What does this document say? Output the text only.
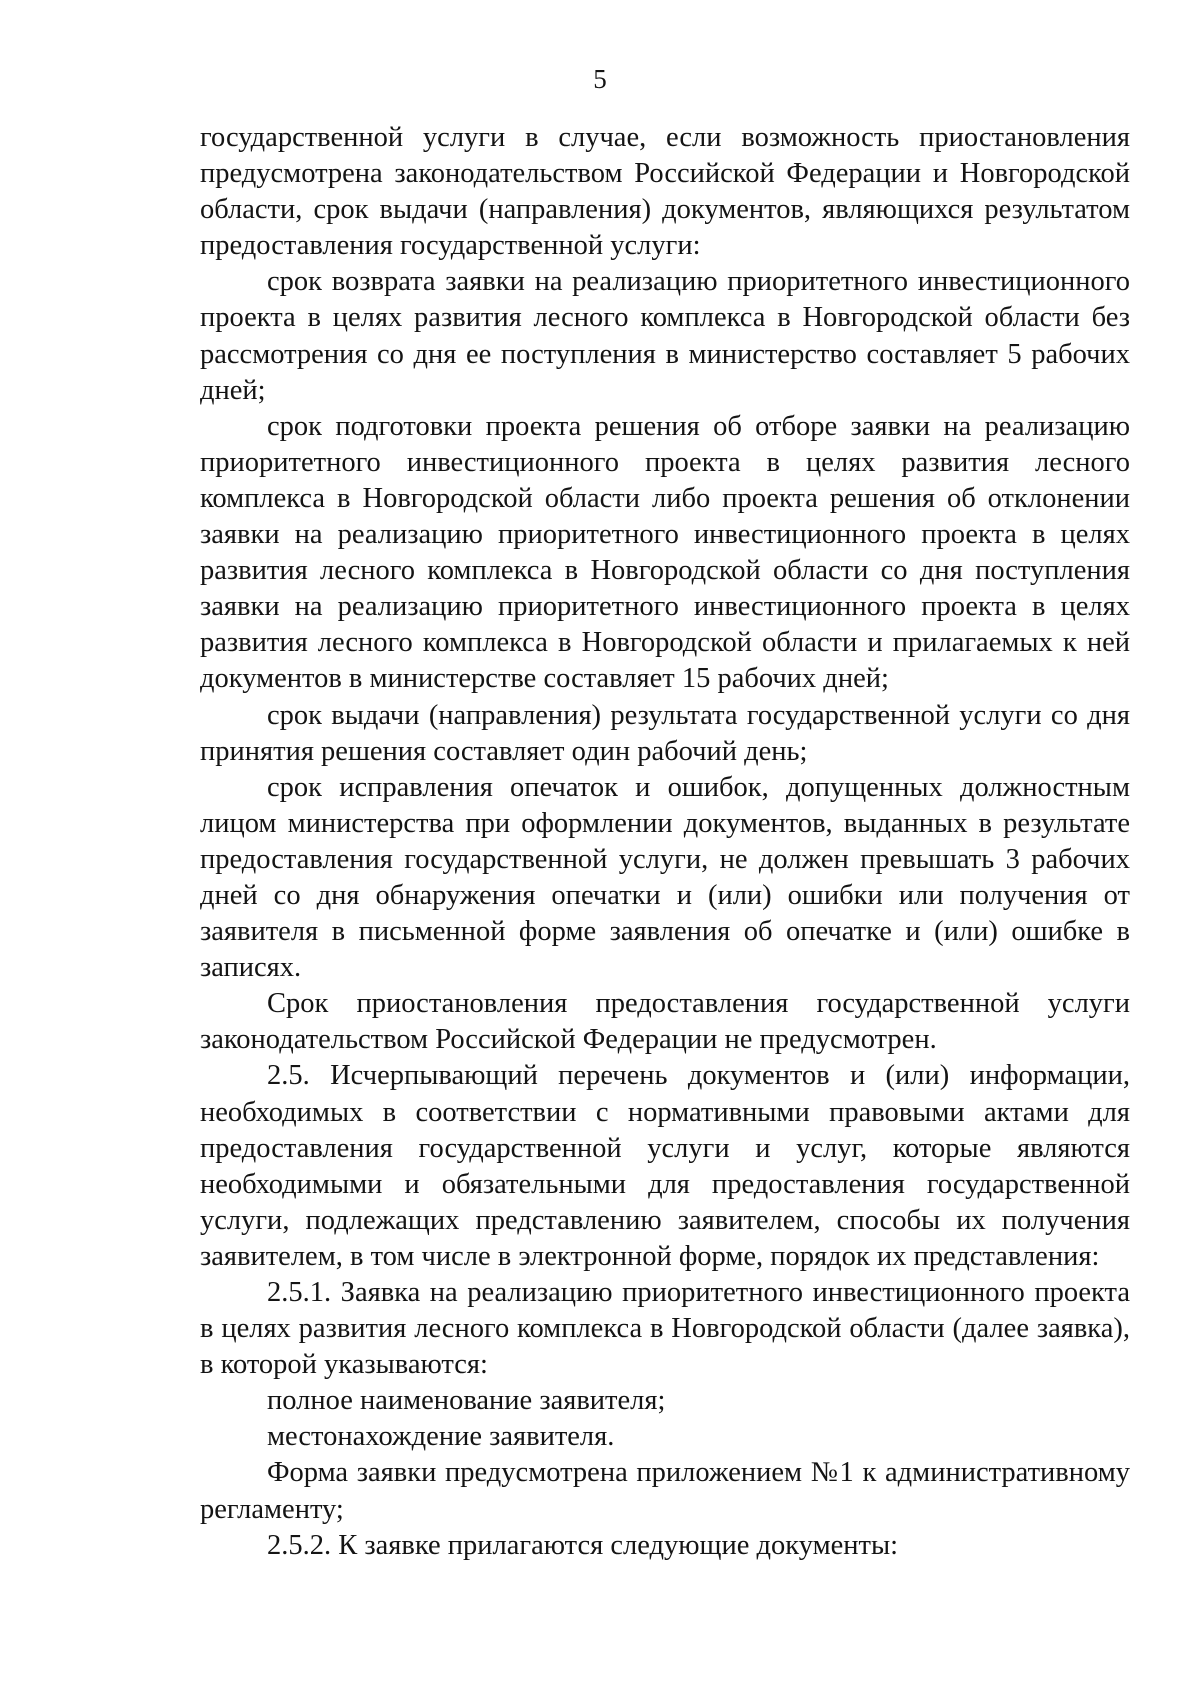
5

государственной услуги в случае, если возможность приостановления предусмотрена законодательством Российской Федерации и Новгородской области, срок выдачи (направления) документов, являющихся результатом предоставления государственной услуги:

срок возврата заявки на реализацию приоритетного инвестиционного проекта в целях развития лесного комплекса в Новгородской области без рассмотрения со дня ее поступления в министерство составляет 5 рабочих дней;

срок подготовки проекта решения об отборе заявки на реализацию приоритетного инвестиционного проекта в целях развития лесного комплекса в Новгородской области либо проекта решения об отклонении заявки на реализацию приоритетного инвестиционного проекта в целях развития лесного комплекса в Новгородской области со дня поступления заявки на реализацию приоритетного инвестиционного проекта в целях развития лесного комплекса в Новгородской области и прилагаемых к ней документов в министерстве составляет 15 рабочих дней;

срок выдачи (направления) результата государственной услуги со дня принятия решения составляет один рабочий день;

срок исправления опечаток и ошибок, допущенных должностным лицом министерства при оформлении документов, выданных в результате предоставления государственной услуги, не должен превышать 3 рабочих дней со дня обнаружения опечатки и (или) ошибки или получения от заявителя в письменной форме заявления об опечатке и (или) ошибке в записях.

Срок приостановления предоставления государственной услуги законодательством Российской Федерации не предусмотрен.

2.5. Исчерпывающий перечень документов и (или) информации, необходимых в соответствии с нормативными правовыми актами для предоставления государственной услуги и услуг, которые являются необходимыми и обязательными для предоставления государственной услуги, подлежащих представлению заявителем, способы их получения заявителем, в том числе в электронной форме, порядок их представления:

2.5.1. Заявка на реализацию приоритетного инвестиционного проекта в целях развития лесного комплекса в Новгородской области (далее заявка), в которой указываются:

полное наименование заявителя;

местонахождение заявителя.

Форма заявки предусмотрена приложением №1 к административному регламенту;

2.5.2. К заявке прилагаются следующие документы:
